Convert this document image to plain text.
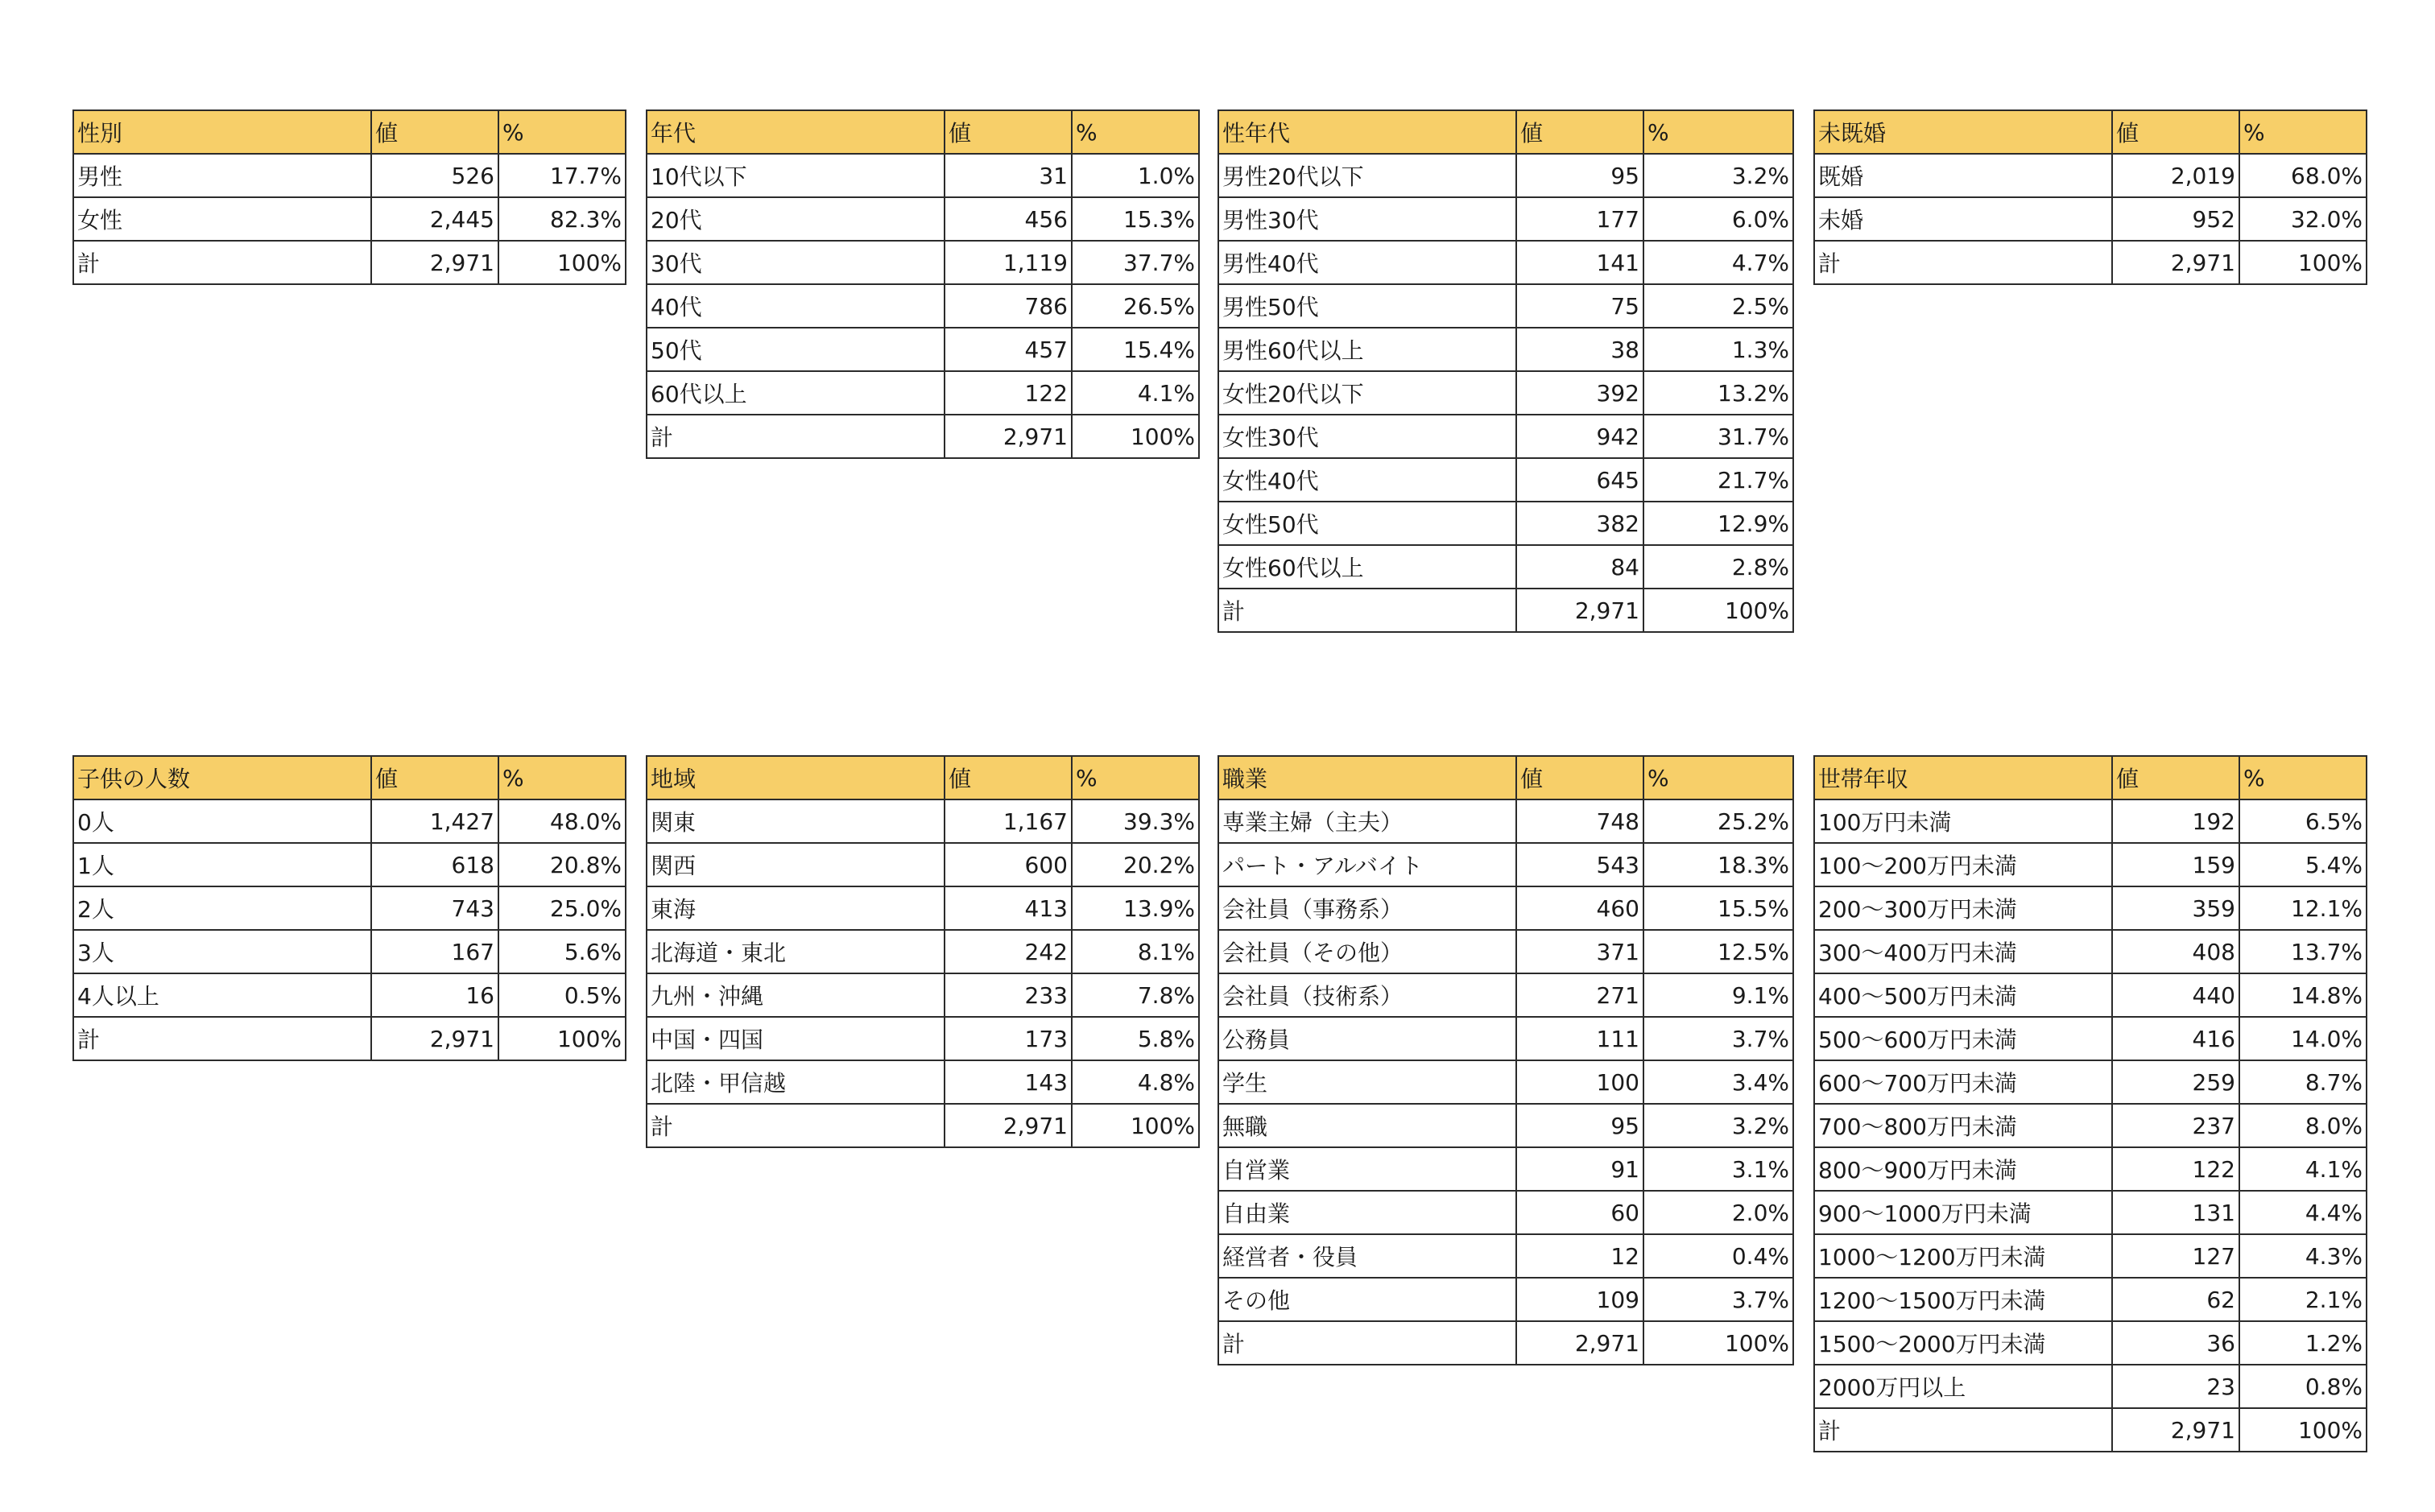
性別	値	%
男性	526	17.7%
女性	2,445	82.3%
計	2,971	100%
年代	値	%
10代以下	31	1.0%
20代	456	15.3%
30代	1,119	37.7%
40代	786	26.5%
50代	457	15.4%
60代以上	122	4.1%
計	2,971	100%
性年代	値	%
男性20代以下	95	3.2%
男性30代	177	6.0%
男性40代	141	4.7%
男性50代	75	2.5%
男性60代以上	38	1.3%
女性20代以下	392	13.2%
女性30代	942	31.7%
女性40代	645	21.7%
女性50代	382	12.9%
女性60代以上	84	2.8%
計	2,971	100%
未既婚	値	%
既婚	2,019	68.0%
未婚	952	32.0%
計	2,971	100%
子供の人数	値	%
0人	1,427	48.0%
1人	618	20.8%
2人	743	25.0%
3人	167	5.6%
4人以上	16	0.5%
計	2,971	100%
地域	値	%
関東	1,167	39.3%
関西	600	20.2%
東海	413	13.9%
北海道・東北	242	8.1%
九州・沖縄	233	7.8%
中国・四国	173	5.8%
北陸・甲信越	143	4.8%
計	2,971	100%
職業	値	%
専業主婦（主夫）	748	25.2%
パート・アルバイト	543	18.3%
会社員（事務系）	460	15.5%
会社員（その他）	371	12.5%
会社員（技術系）	271	9.1%
公務員	111	3.7%
学生	100	3.4%
無職	95	3.2%
自営業	91	3.1%
自由業	60	2.0%
経営者・役員	12	0.4%
その他	109	3.7%
計	2,971	100%
世帯年収	値	%
100万円未満	192	6.5%
100～200万円未満	159	5.4%
200～300万円未満	359	12.1%
300～400万円未満	408	13.7%
400～500万円未満	440	14.8%
500～600万円未満	416	14.0%
600～700万円未満	259	8.7%
700～800万円未満	237	8.0%
800～900万円未満	122	4.1%
900～1000万円未満	131	4.4%
1000～1200万円未満	127	4.3%
1200～1500万円未満	62	2.1%
1500～2000万円未満	36	1.2%
2000万円以上	23	0.8%
計	2,971	100%
